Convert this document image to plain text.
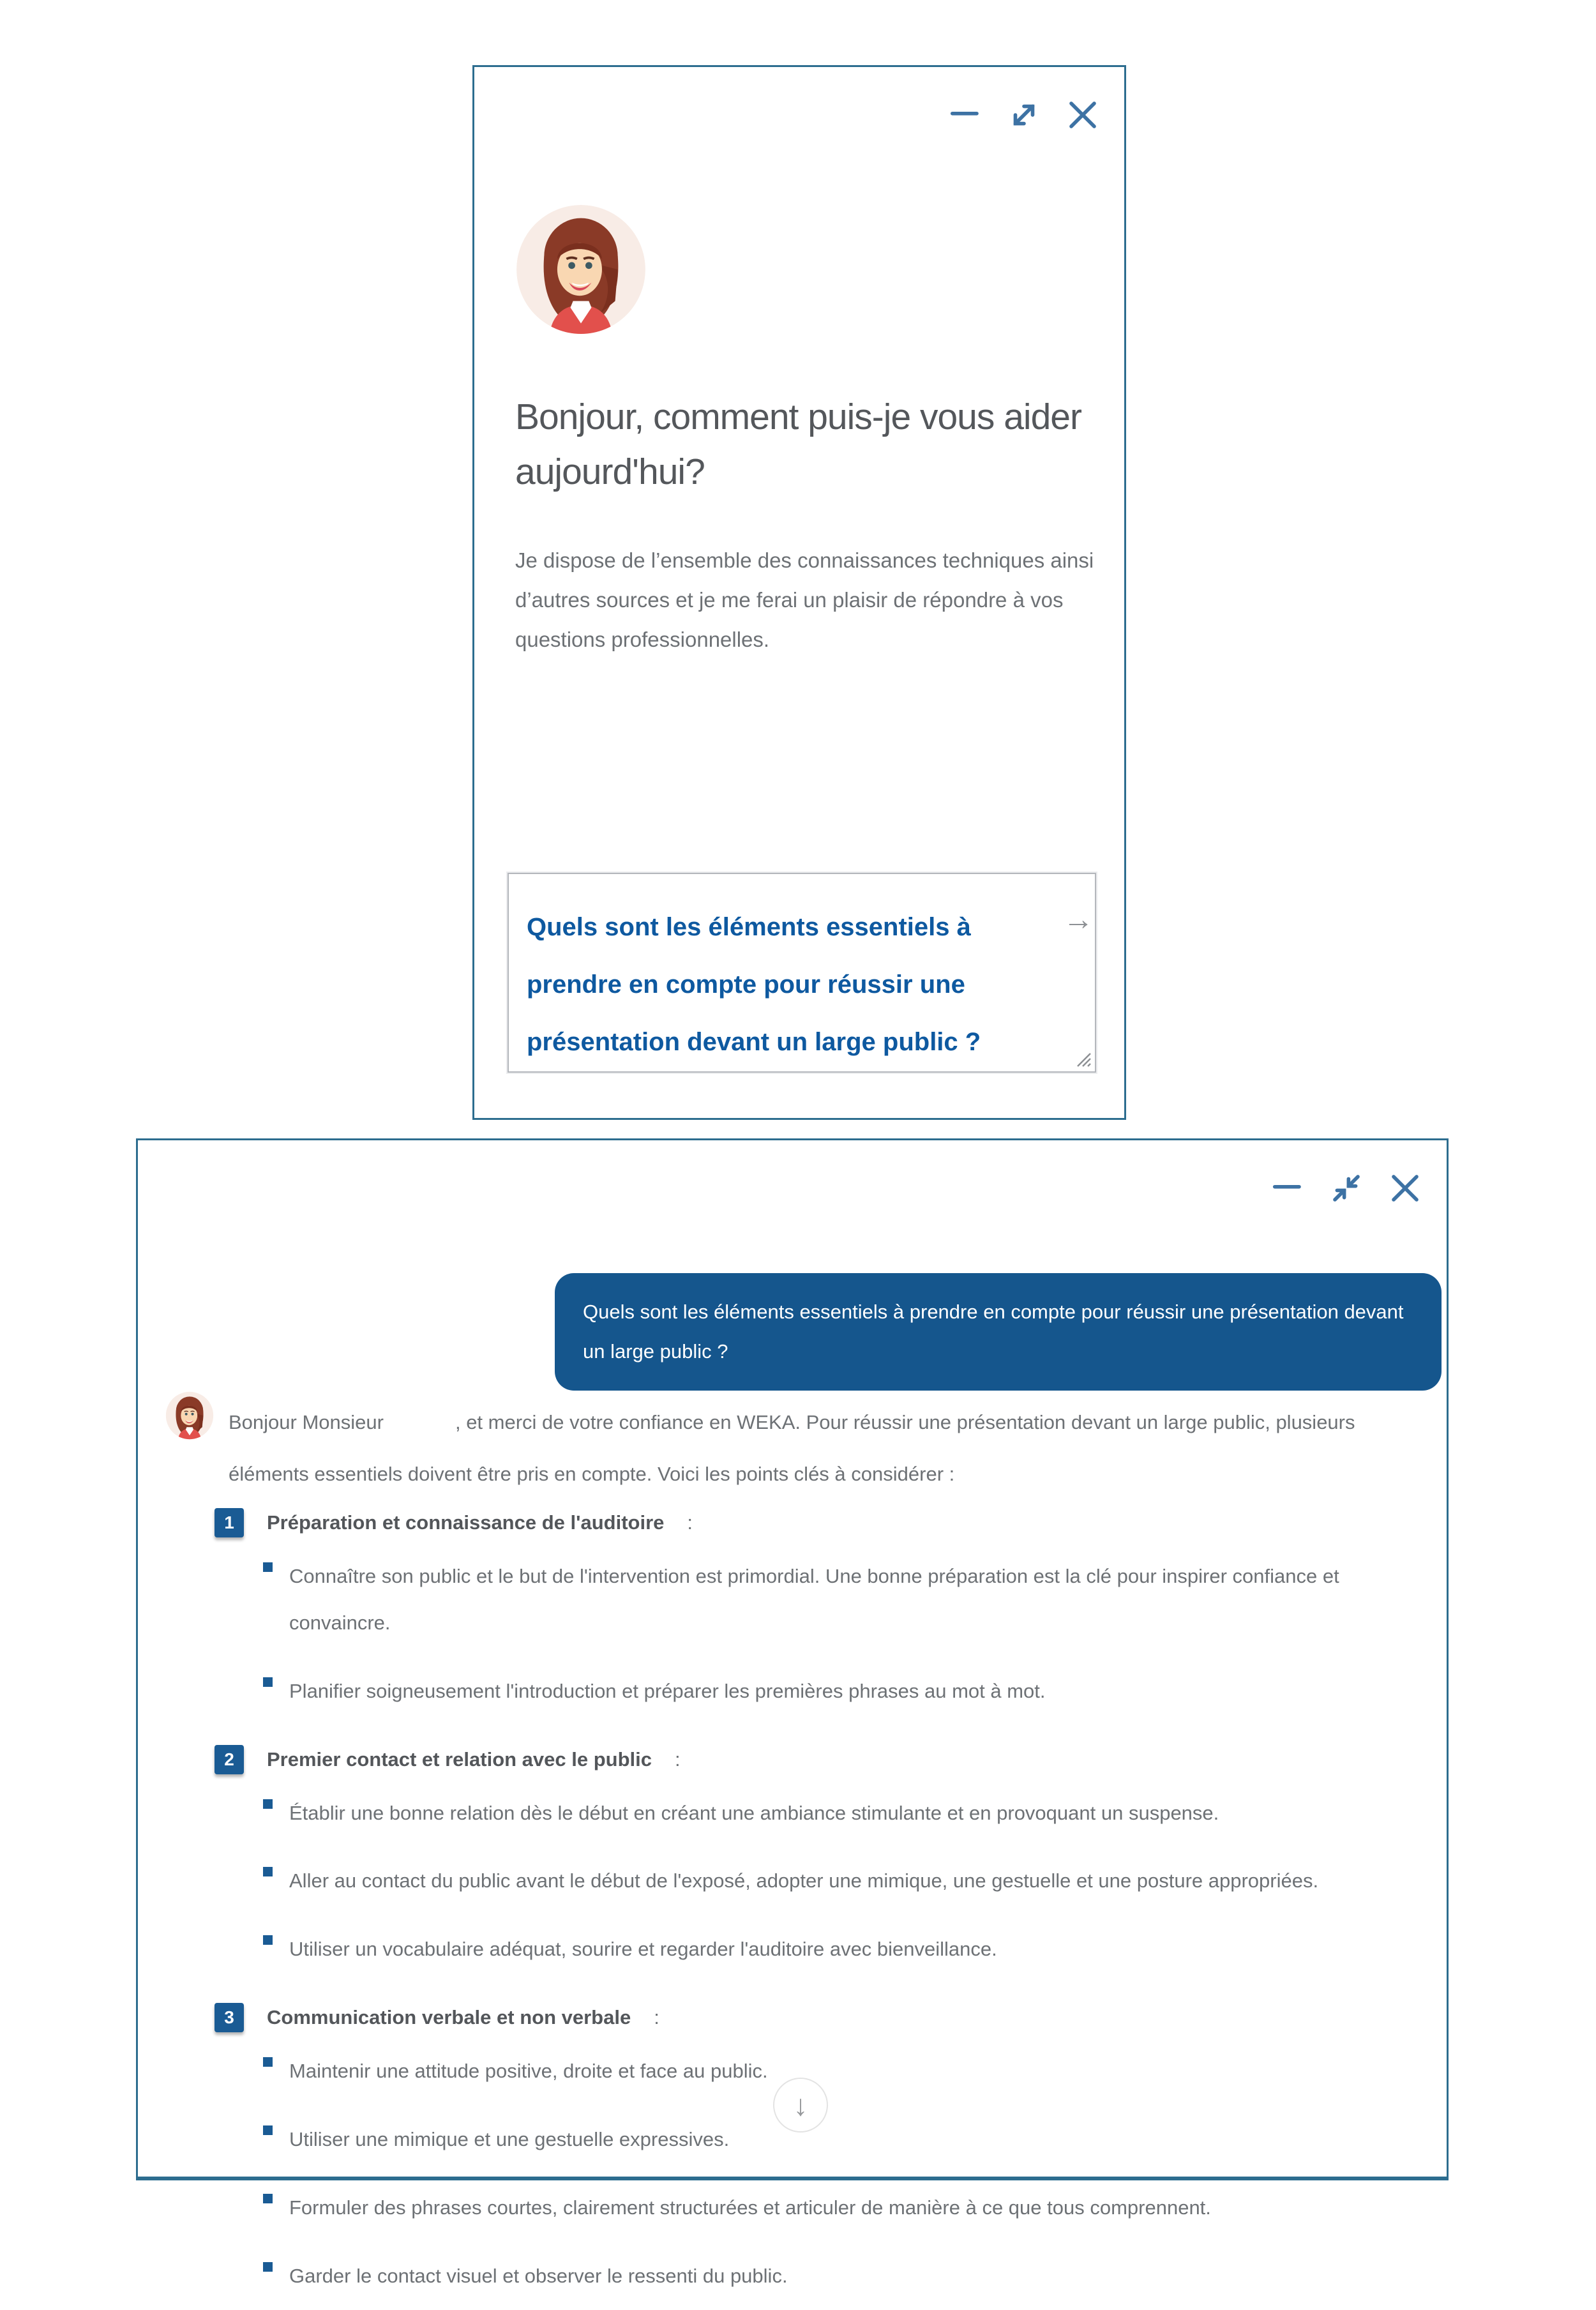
Bonjour, comment puis-je vous aider aujourd'hui?
Je dispose de l’ensemble des connaissances techniques ainsi d’autres sources et je me ferai un plaisir de répondre à vos questions professionnelles.
Quels sont les éléments essentiels à prendre en compte pour réussir une présentation devant un large public ?
→
Quels sont les éléments essentiels à prendre en compte pour réussir une présentation devant un large public ?
Bonjour Monsieur	, et merci de votre confiance en WEKA. Pour réussir une présentation devant un large public, plusieurs éléments essentiels doivent être pris en compte. Voici les points clés à considérer :
1	Préparation et connaissance de l'auditoire :
Connaître son public et le but de l'intervention est primordial. Une bonne préparation est la clé pour inspirer confiance et convaincre.
Planifier soigneusement l'introduction et préparer les premières phrases au mot à mot.
2	Premier contact et relation avec le public :
Établir une bonne relation dès le début en créant une ambiance stimulante et en provoquant un suspense.
Aller au contact du public avant le début de l'exposé, adopter une mimique, une gestuelle et une posture appropriées.
Utiliser un vocabulaire adéquat, sourire et regarder l'auditoire avec bienveillance.
3	Communication verbale et non verbale :
Maintenir une attitude positive, droite et face au public.
Utiliser une mimique et une gestuelle expressives.
Formuler des phrases courtes, clairement structurées et articuler de manière à ce que tous comprennent.
Garder le contact visuel et observer le ressenti du public.
↓
